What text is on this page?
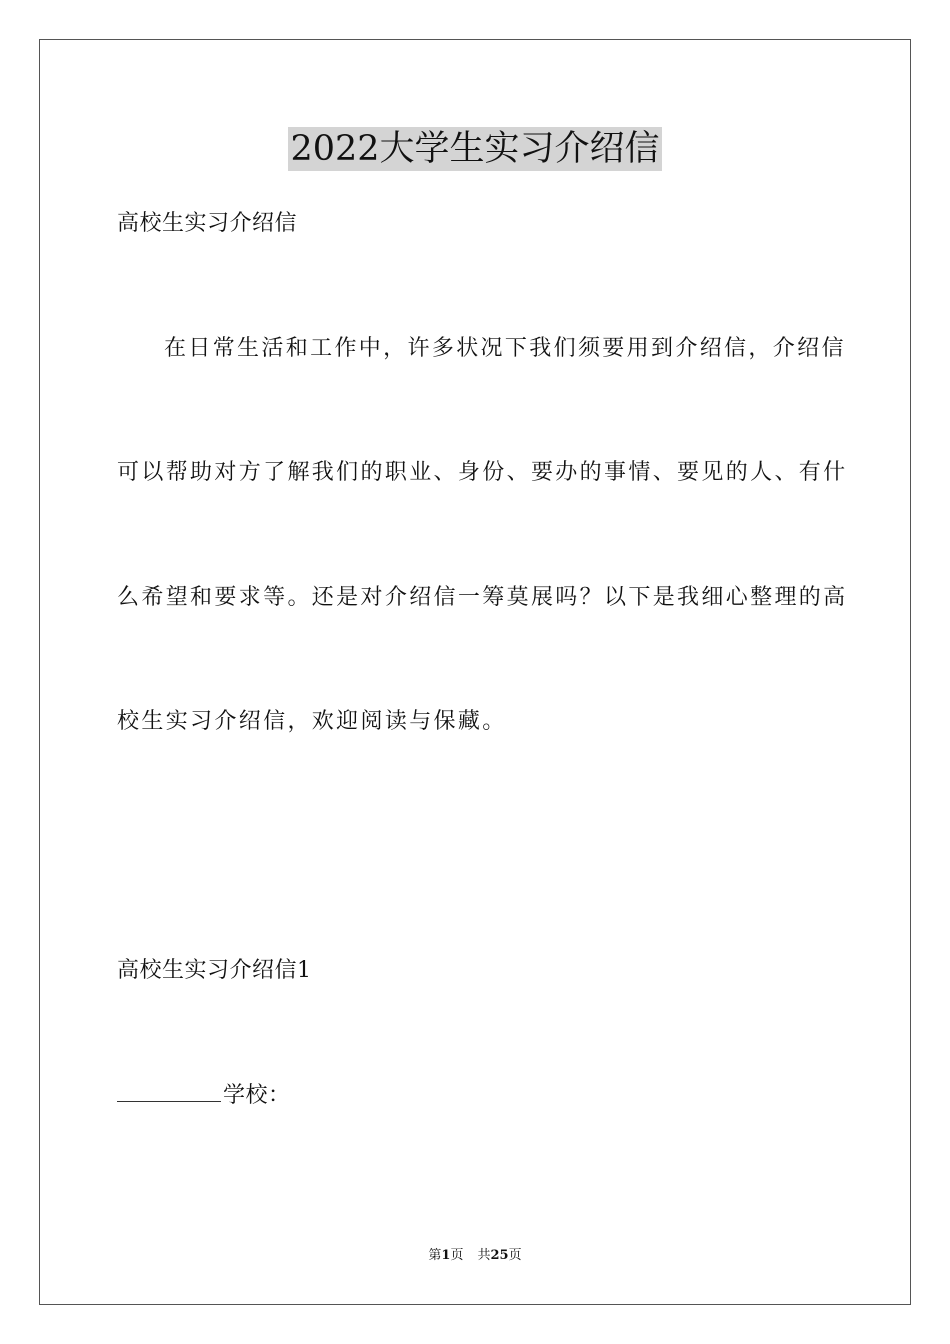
2022大学生实习介绍信
高校生实习介绍信
在日常生活和工作中，许多状况下我们须要用到介绍信，介绍信
可以帮助对方了解我们的职业、身份、要办的事情、要见的人、有什
么希望和要求等。还是对介绍信一筹莫展吗？以下是我细心整理的高
校生实习介绍信，欢迎阅读与保藏。
高校生实习介绍信1
学校：
第1页 共25页
